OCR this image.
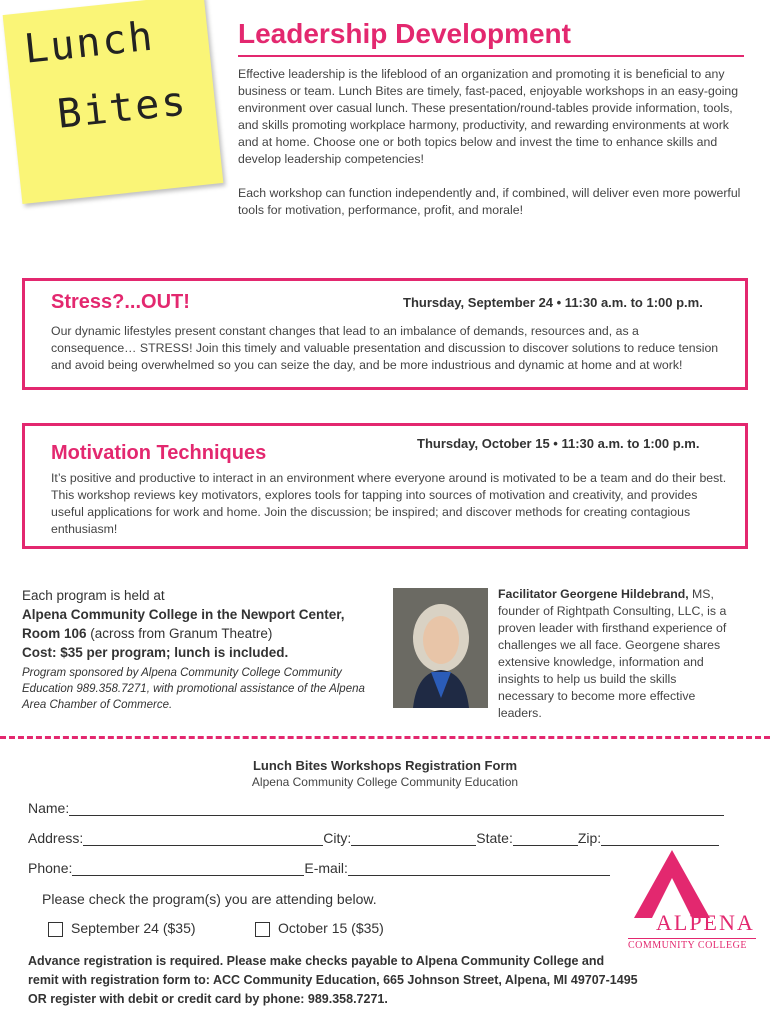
Lunch
Bites
Leadership Development
Effective leadership is the lifeblood of an organization and promoting it is beneficial to any business or team. Lunch Bites are timely, fast-paced, enjoyable workshops in an easy-going environment over casual lunch. These presentation/round-tables provide information, tools, and skills promoting workplace harmony, productivity, and rewarding environments at work and at home. Choose one or both topics below and invest the time to enhance skills and develop leadership competencies!
Each workshop can function independently and, if combined, will deliver even more powerful tools for motivation, performance, profit, and morale!
Stress?...OUT!	Thursday, September 24 • 11:30 a.m. to 1:00 p.m.
Our dynamic lifestyles present constant changes that lead to an imbalance of demands, resources and, as a consequence… STRESS! Join this timely and valuable presentation and discussion to discover solutions to reduce tension and avoid being overwhelmed so you can seize the day, and be more industrious and dynamic at home and at work!
Motivation Techniques	Thursday, October 15 • 11:30 a.m. to 1:00 p.m.
It’s positive and productive to interact in an environment where everyone around is motivated to be a team and do their best. This workshop reviews key motivators, explores tools for tapping into sources of motivation and creativity, and provides useful applications for work and home. Join the discussion; be inspired; and discover methods for creating contagious enthusiasm!
Each program is held at
Alpena Community College in the Newport Center,
Room 106 (across from Granum Theatre)
Cost: $35 per program; lunch is included.
Program sponsored by Alpena Community College Community Education 989.358.7271, with promotional assistance of the Alpena Area Chamber of Commerce.
Facilitator Georgene Hildebrand, MS, founder of Rightpath Consulting, LLC, is a proven leader with firsthand experience of challenges we all face. Georgene shares extensive knowledge, information and insights to help us build the skills necessary to become more effective leaders.
Lunch Bites Workshops Registration Form
Alpena Community College Community Education
Name:
Address:	City:	State:	Zip:
Phone:	E-mail:
Please check the program(s) you are attending below.
September 24 ($35)	October 15 ($35)
Advance registration is required. Please make checks payable to Alpena Community College and
remit with registration form to: ACC Community Education, 665 Johnson Street, Alpena, MI 49707-1495
OR register with debit or credit card by phone: 989.358.7271.
ALPENA
COMMUNITY COLLEGE
